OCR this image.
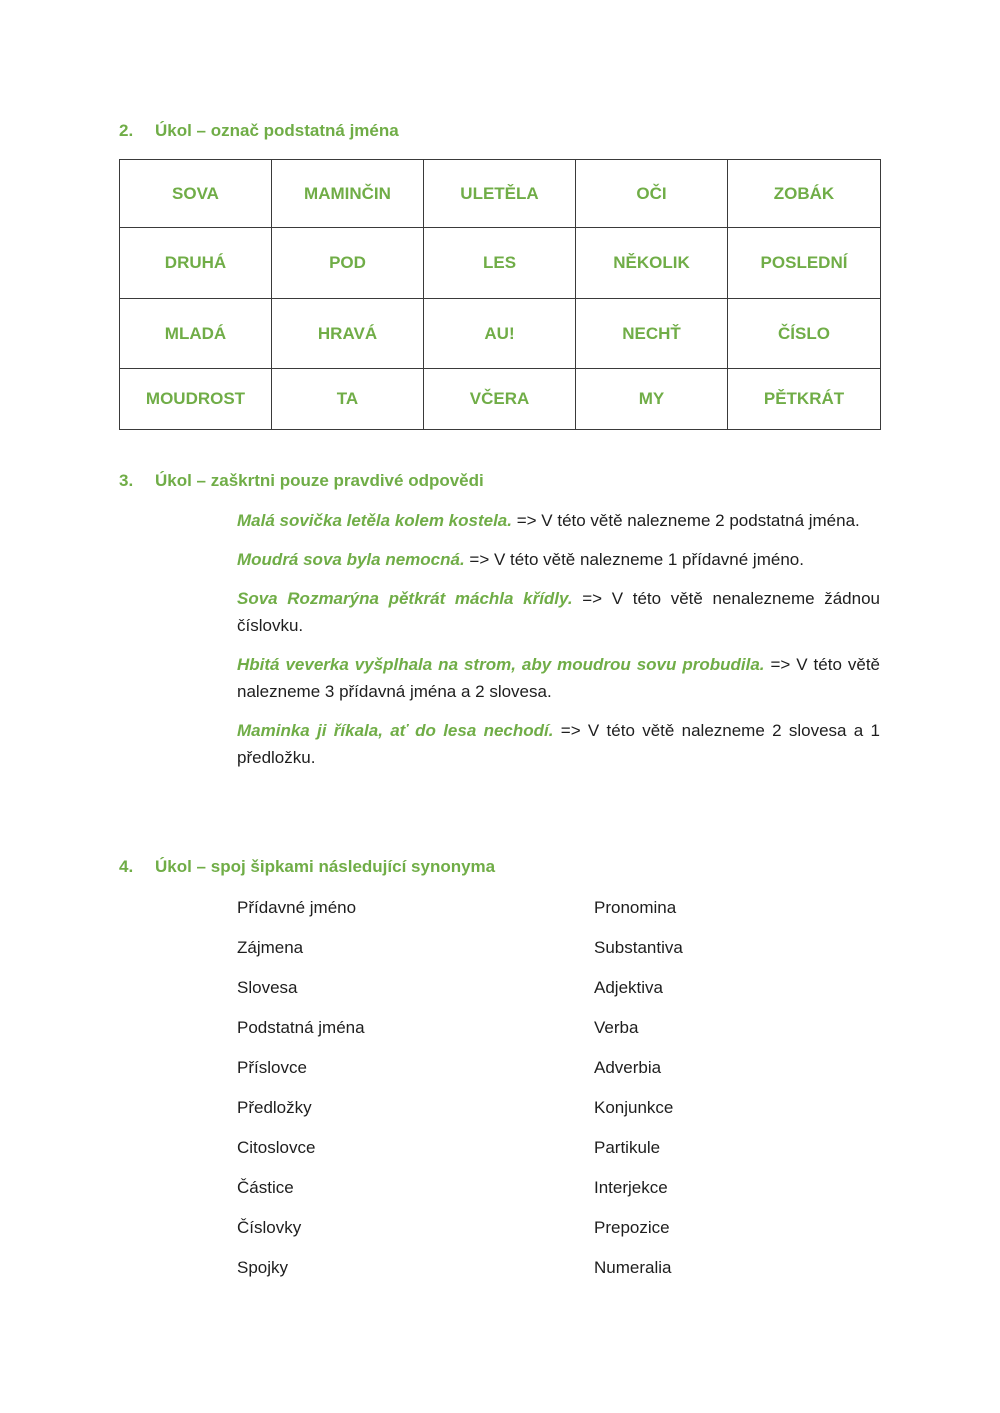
2. Úkol – označ podstatná jména
SOVA	MAMINČIN	ULETĚLA	OČI	ZOBÁK
DRUHÁ	POD	LES	NĚKOLIK	POSLEDNÍ
MLADÁ	HRAVÁ	AU!	NECHŤ	ČÍSLO
MOUDROST	TA	VČERA	MY	PĚTKRÁT
3. Úkol – zaškrtni pouze pravdivé odpovědi

Malá sovička letěla kolem kostela. => V této větě nalezneme 2 podstatná jména.

Moudrá sova byla nemocná. => V této větě nalezneme 1 přídavné jméno.

Sova Rozmarýna pětkrát máchla křídly. => V této větě nenalezneme žádnou číslovku.

Hbitá veverka vyšplhala na strom, aby moudrou sovu probudila. => V této větě nalezneme 3 přídavná jména a 2 slovesa.

Maminka ji říkala, ať do lesa nechodí. => V této větě nalezneme 2 slovesa a 1 předložku.

4. Úkol – spoj šipkami následující synonyma
Přídavné jméno	Pronomina
Zájmena	Substantiva
Slovesa	Adjektiva
Podstatná jména	Verba
Příslovce	Adverbia
Předložky	Konjunkce
Citoslovce	Partikule
Částice	Interjekce
Číslovky	Prepozice
Spojky	Numeralia
